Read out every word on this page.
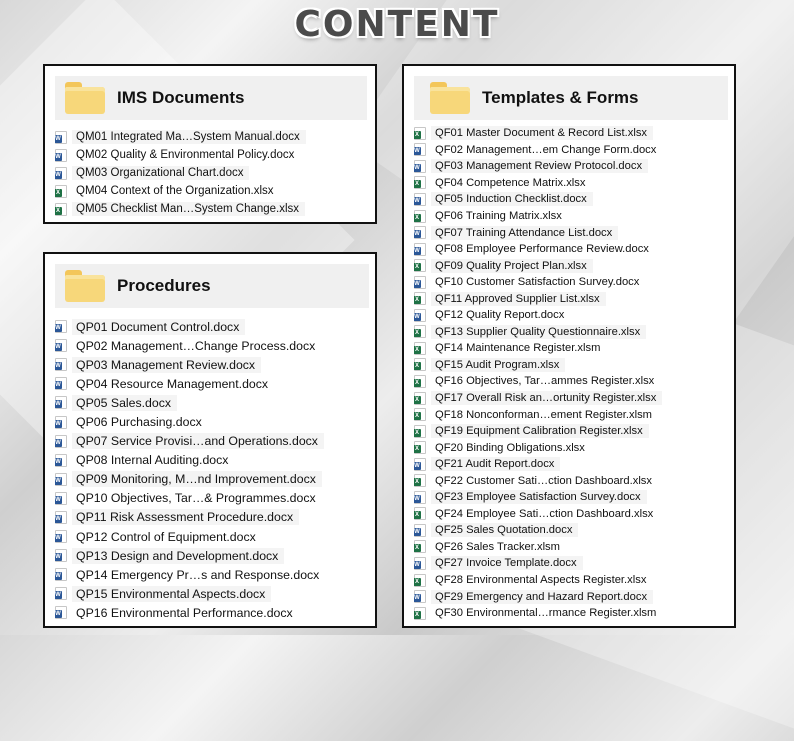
CONTENT
IMS Documents
W	QM01 Integrated Ma…System Manual.docx
W	QM02 Quality & Environmental Policy.docx
W	QM03 Organizational Chart.docx
X	QM04 Context of the Organization.xlsx
X	QM05 Checklist Man…System Change.xlsx
Procedures
W	QP01 Document Control.docx
W	QP02 Management…Change Process.docx
W	QP03 Management Review.docx
W	QP04 Resource Management.docx
W	QP05 Sales.docx
W	QP06 Purchasing.docx
W	QP07 Service Provisi…and Operations.docx
W	QP08 Internal Auditing.docx
W	QP09 Monitoring, M…nd Improvement.docx
W	QP10 Objectives, Tar…& Programmes.docx
W	QP11 Risk Assessment Procedure.docx
W	QP12 Control of Equipment.docx
W	QP13 Design and Development.docx
W	QP14 Emergency Pr…s and Response.docx
W	QP15 Environmental Aspects.docx
W	QP16 Environmental Performance.docx
Templates & Forms
X	QF01 Master Document & Record List.xlsx
W	QF02 Management…em Change Form.docx
W	QF03 Management Review Protocol.docx
X	QF04 Competence Matrix.xlsx
W	QF05 Induction Checklist.docx
X	QF06 Training Matrix.xlsx
W	QF07 Training Attendance List.docx
W	QF08 Employee Performance Review.docx
X	QF09 Quality Project Plan.xlsx
W	QF10 Customer Satisfaction Survey.docx
X	QF11 Approved Supplier List.xlsx
W	QF12 Quality Report.docx
X	QF13 Supplier Quality Questionnaire.xlsx
X	QF14 Maintenance Register.xlsm
X	QF15 Audit Program.xlsx
X	QF16 Objectives, Tar…ammes Register.xlsx
X	QF17 Overall Risk an…ortunity Register.xlsx
X	QF18 Nonconforman…ement Register.xlsm
X	QF19 Equipment Calibration Register.xlsx
X	QF20 Binding Obligations.xlsx
W	QF21 Audit Report.docx
X	QF22 Customer Sati…ction Dashboard.xlsx
W	QF23 Employee Satisfaction Survey.docx
X	QF24 Employee Sati…ction Dashboard.xlsx
W	QF25 Sales Quotation.docx
X	QF26 Sales Tracker.xlsm
W	QF27 Invoice Template.docx
X	QF28 Environmental Aspects Register.xlsx
W	QF29 Emergency and Hazard Report.docx
X	QF30 Environmental…rmance Register.xlsm
